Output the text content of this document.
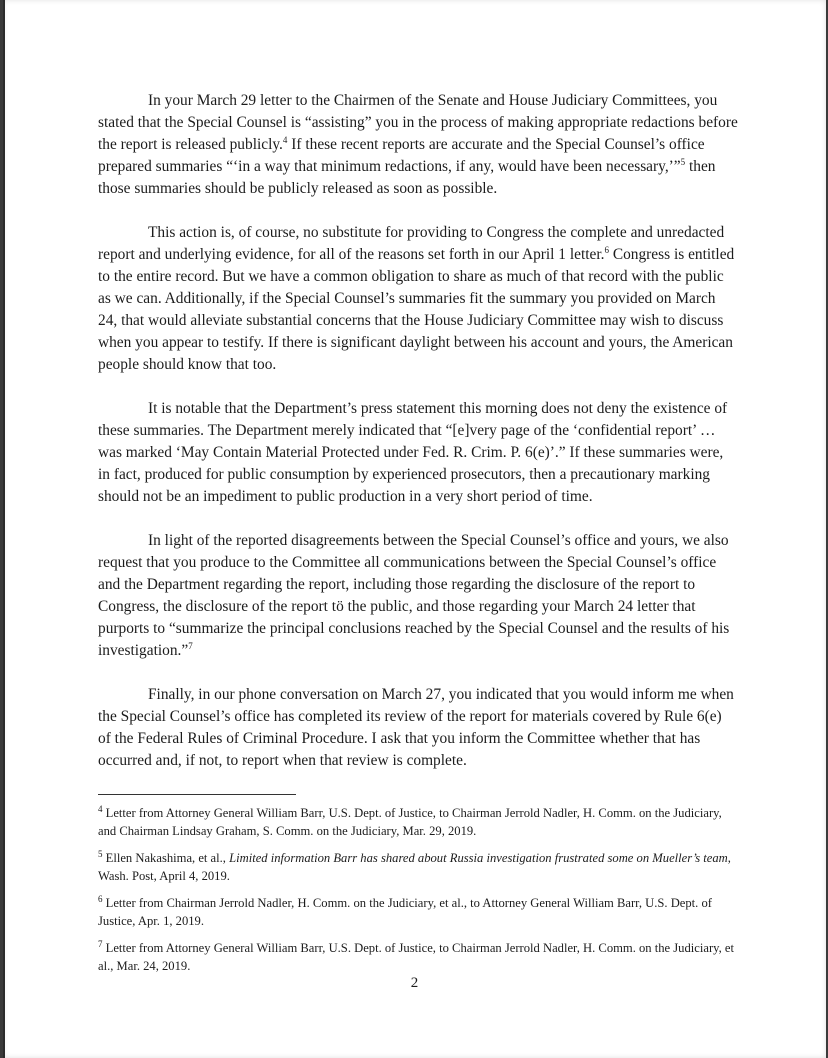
In your March 29 letter to the Chairmen of the Senate and House Judiciary Committees, you stated that the Special Counsel is “assisting” you in the process of making appropriate redactions before the report is released publicly.$^4$ If these recent reports are accurate and the Special Counsel’s office prepared summaries “‘in a way that minimum redactions, if any, would have been necessary,’”$^5$ then those summaries should be publicly released as soon as possible.

This action is, of course, no substitute for providing to Congress the complete and unredacted report and underlying evidence, for all of the reasons set forth in our April 1 letter.$^6$ Congress is entitled to the entire record. But we have a common obligation to share as much of that record with the public as we can. Additionally, if the Special Counsel’s summaries fit the summary you provided on March 24, that would alleviate substantial concerns that the House Judiciary Committee may wish to discuss when you appear to testify. If there is significant daylight between his account and yours, the American people should know that too.

It is notable that the Department’s press statement this morning does not deny the existence of these summaries. The Department merely indicated that “[e]very page of the ‘confidential report’ … was marked ‘May Contain Material Protected under Fed. R. Crim. P. 6(e)’.” If these summaries were, in fact, produced for public consumption by experienced prosecutors, then a precautionary marking should not be an impediment to public production in a very short period of time.

In light of the reported disagreements between the Special Counsel’s office and yours, we also request that you produce to the Committee all communications between the Special Counsel’s office and the Department regarding the report, including those regarding the disclosure of the report to Congress, the disclosure of the report tö the public, and those regarding your March 24 letter that purports to “summarize the principal conclusions reached by the Special Counsel and the results of his investigation.”$^7$

Finally, in our phone conversation on March 27, you indicated that you would inform me when the Special Counsel’s office has completed its review of the report for materials covered by Rule 6(e) of the Federal Rules of Criminal Procedure. I ask that you inform the Committee whether that has occurred and, if not, to report when that review is complete.

$^4$ Letter from Attorney General William Barr, U.S. Dept. of Justice, to Chairman Jerrold Nadler, H. Comm. on the Judiciary, and Chairman Lindsay Graham, S. Comm. on the Judiciary, Mar. 29, 2019.

$^5$ Ellen Nakashima, et al., Limited information Barr has shared about Russia investigation frustrated some on Mueller’s team, Wash. Post, April 4, 2019.

$^6$ Letter from Chairman Jerrold Nadler, H. Comm. on the Judiciary, et al., to Attorney General William Barr, U.S. Dept. of Justice, Apr. 1, 2019.

$^7$ Letter from Attorney General William Barr, U.S. Dept. of Justice, to Chairman Jerrold Nadler, H. Comm. on the Judiciary, et al., Mar. 24, 2019.

2
